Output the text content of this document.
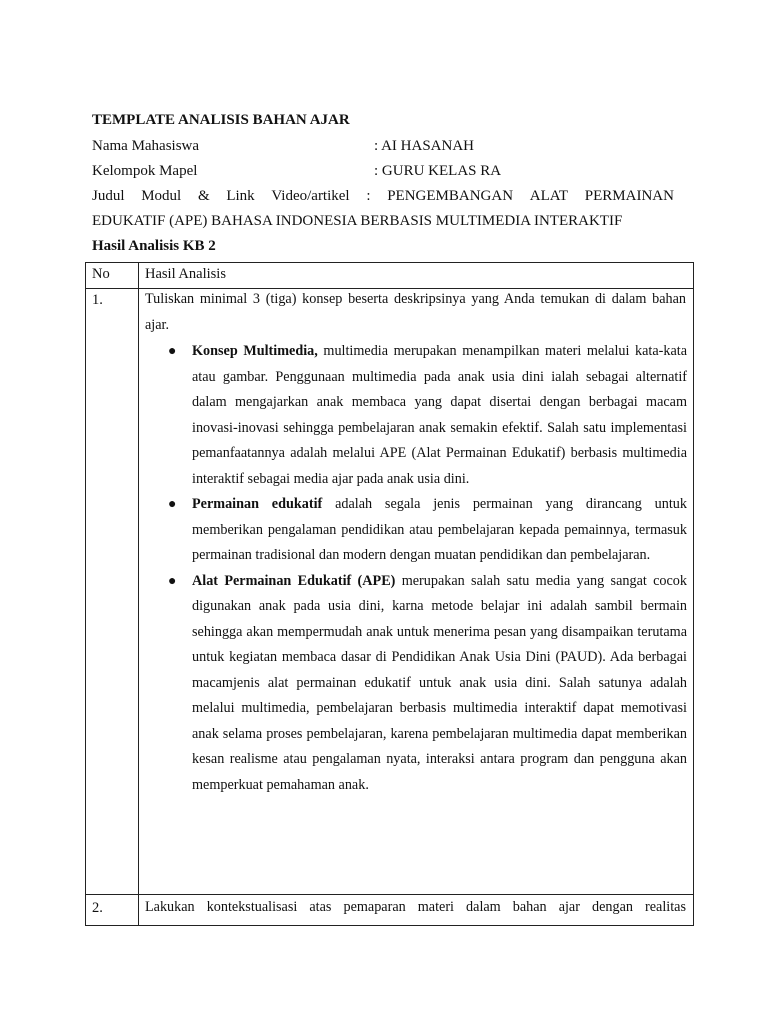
TEMPLATE ANALISIS BAHAN AJAR
Nama Mahasiswa	: AI HASANAH
Kelompok Mapel	: GURU KELAS RA
Judul Modul & Link Video/artikel : PENGEMBANGAN ALAT PERMAINAN
EDUKATIF (APE) BAHASA INDONESIA BERBASIS MULTIMEDIA INTERAKTIF
Hasil Analisis KB 2
No Hasil Analisis
1.	Tuliskan minimal 3 (tiga) konsep beserta deskripsinya yang Anda temukan di dalam bahan ajar.
● Konsep Multimedia, multimedia merupakan menampilkan materi melalui kata-kata atau gambar. Penggunaan multimedia pada anak usia dini ialah sebagai alternatif dalam mengajarkan anak membaca yang dapat disertai dengan berbagai macam inovasi-inovasi sehingga pembelajaran anak semakin efektif. Salah satu implementasi pemanfaatannya adalah melalui APE (Alat Permainan Edukatif) berbasis multimedia interaktif sebagai media ajar pada anak usia dini.
● Permainan edukatif adalah segala jenis permainan yang dirancang untuk memberikan pengalaman pendidikan atau pembelajaran kepada pemainnya, termasuk permainan tradisional dan modern dengan muatan pendidikan dan pembelajaran.
● Alat Permainan Edukatif (APE) merupakan salah satu media yang sangat cocok digunakan anak pada usia dini, karna metode belajar ini adalah sambil bermain sehingga akan mempermudah anak untuk menerima pesan yang disampaikan terutama untuk kegiatan membaca dasar di Pendidikan Anak Usia Dini (PAUD). Ada berbagai macamjenis alat permainan edukatif untuk anak usia dini. Salah satunya adalah melalui multimedia, pembelajaran berbasis multimedia interaktif dapat memotivasi anak selama proses pembelajaran, karena pembelajaran multimedia dapat memberikan kesan realisme atau pengalaman nyata, interaksi antara program dan pengguna akan memperkuat pemahaman anak.
2.	Lakukan kontekstualisasi atas pemaparan materi dalam bahan ajar dengan realitas
